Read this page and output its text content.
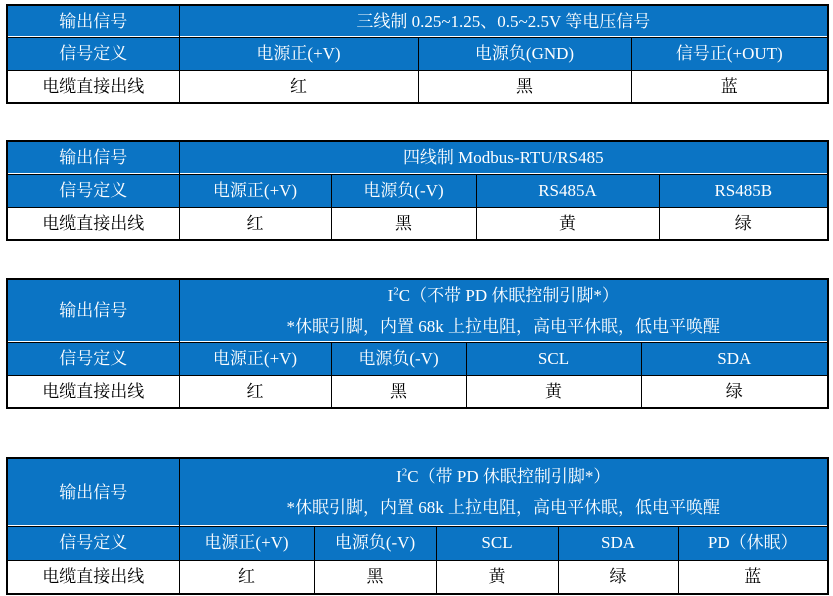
输出信号	三线制 0.25~1.25、0.5~2.5V 等电压信号		
信号定义	电源正(+V)	电源负(GND)	信号正(+OUT)
电缆直接出线	红	黑	蓝
输出信号	四线制 Modbus-RTU/RS485			
信号定义	电源正(+V)	电源负(-V)	RS485A	RS485B
电缆直接出线	红	黑	黄	绿
输出信号	$I^2C$（不带 PD 休眠控制引脚*）
*休眠引脚，内置 68k 上拉电阻，高电平休眠，低电平唤醒			

信号定义	电源正(+V)	电源负(-V)	SCL	SDA
电缆直接出线	红	黑	黄	绿
输出信号	$I^2C$（带 PD 休眠控制引脚*）
*休眠引脚，内置 68k 上拉电阻，高电平休眠，低电平唤醒				

信号定义	电源正(+V)	电源负(-V)	SCL	SDA	PD（休眠）
电缆直接出线	红	黑	黄	绿	蓝
